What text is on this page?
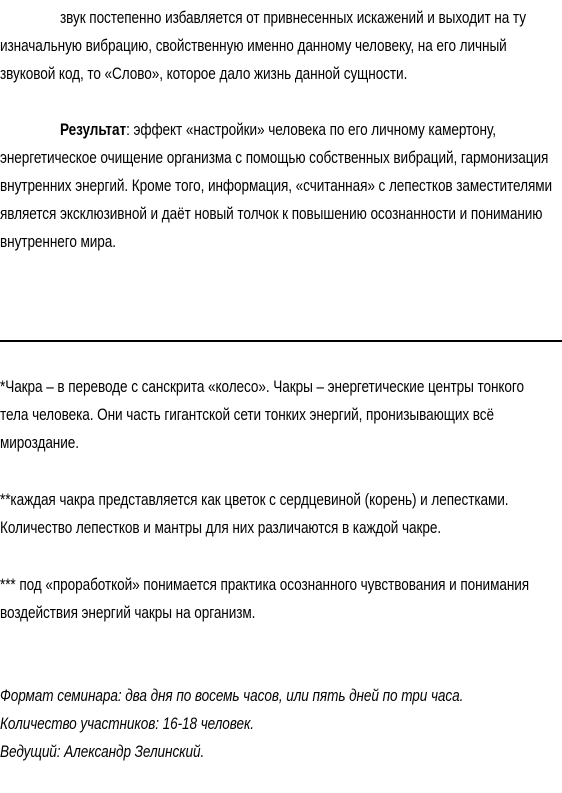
звук постепенно избавляется от привнесенных искажений и выходит на ту
изначальную вибрацию, свойственную именно данному человеку, на его личный
звуковой код, то «Слово», которое дало жизнь данной сущности.
Результат: эффект «настройки» человека по его личному камертону,
энергетическое очищение организма с помощью собственных вибраций, гармонизация
внутренних энергий. Кроме того, информация, «считанная» с лепестков заместителями
является эксклюзивной и даёт новый толчок к повышению осознанности и пониманию
внутреннего мира.
*Чакра – в переводе с санскрита «колесо». Чакры – энергетические центры тонкого
тела человека. Они часть гигантской сети тонких энергий, пронизывающих всё
мироздание.
**каждая чакра представляется как цветок с сердцевиной (корень) и лепестками.
Количество лепестков и мантры для них различаются в каждой чакре.
*** под «проработкой» понимается практика осознанного чувствования и понимания
воздействия энергий чакры на организм.
Формат семинара: два дня по восемь часов, или пять дней по три часа.
Количество участников: 16-18 человек.
Ведущий: Александр Зелинский.
